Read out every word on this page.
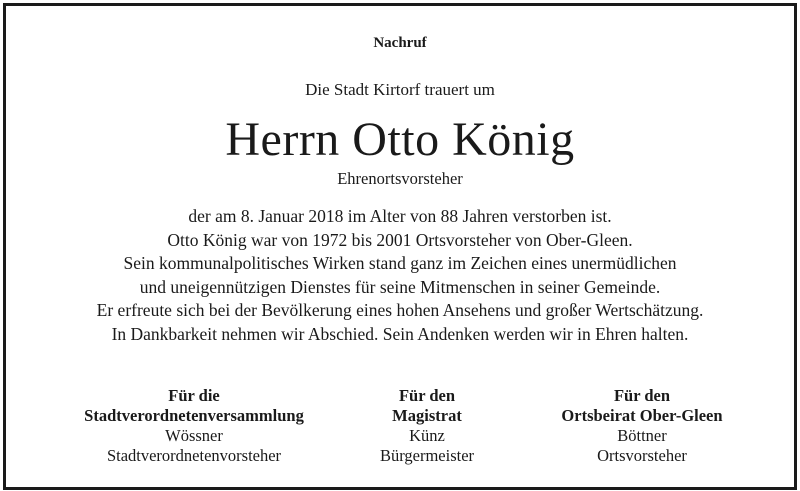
Nachruf
Die Stadt Kirtorf trauert um
Herrn Otto König
Ehrenortsvorsteher
der am 8. Januar 2018 im Alter von 88 Jahren verstorben ist.
Otto König war von 1972 bis 2001 Ortsvorsteher von Ober-Gleen.
Sein kommunalpolitisches Wirken stand ganz im Zeichen eines unermüdlichen
und uneigennützigen Dienstes für seine Mitmenschen in seiner Gemeinde.
Er erfreute sich bei der Bevölkerung eines hohen Ansehens und großer Wertschätzung.
In Dankbarkeit nehmen wir Abschied. Sein Andenken werden wir in Ehren halten.
Für die
Stadtverordnetenversammlung
Wössner
Stadtverordnetenvorsteher
Für den
Magistrat
Künz
Bürgermeister
Für den
Ortsbeirat Ober-Gleen
Böttner
Ortsvorsteher
